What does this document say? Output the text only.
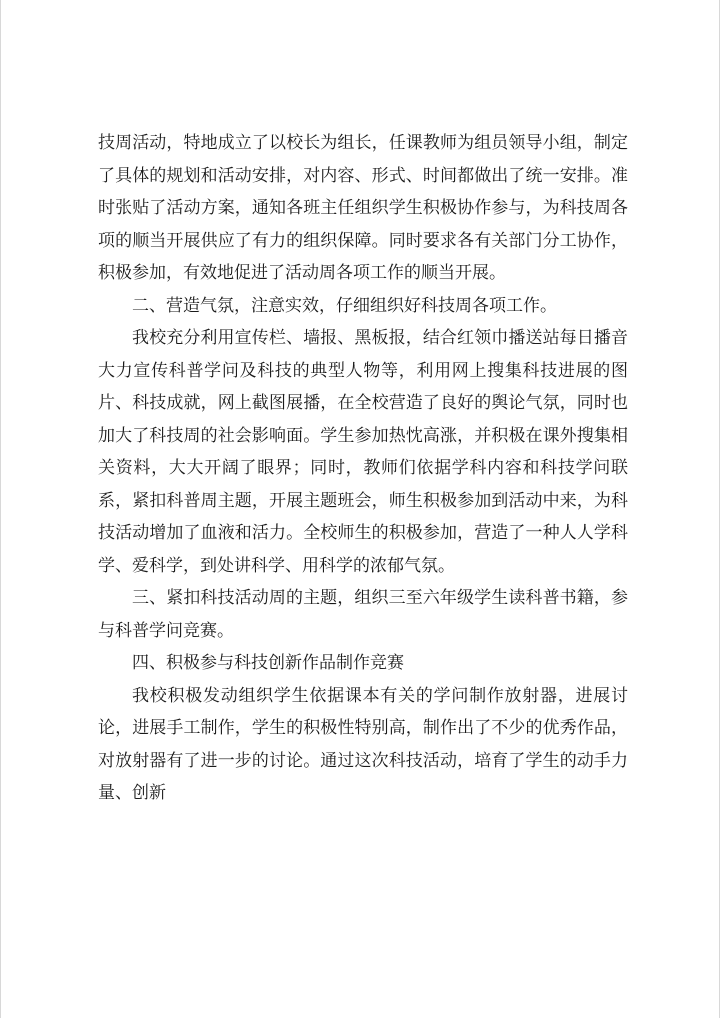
技周活动，特地成立了以校长为组长，任课教师为组员领导小组，制定了具体的规划和活动安排，对内容、形式、时间都做出了统一安排。准时张贴了活动方案，通知各班主任组织学生积极协作参与，为科技周各项的顺当开展供应了有力的组织保障。同时要求各有关部门分工协作，积极参加，有效地促进了活动周各项工作的顺当开展。

二、营造气氛，注意实效，仔细组织好科技周各项工作。

我校充分利用宣传栏、墙报、黑板报，结合红领巾播送站每日播音大力宣传科普学问及科技的典型人物等，利用网上搜集科技进展的图片、科技成就，网上截图展播，在全校营造了良好的舆论气氛，同时也加大了科技周的社会影响面。学生参加热忱高涨，并积极在课外搜集相关资料，大大开阔了眼界；同时，教师们依据学科内容和科技学问联系，紧扣科普周主题，开展主题班会，师生积极参加到活动中来，为科技活动增加了血液和活力。全校师生的积极参加，营造了一种人人学科学、爱科学，到处讲科学、用科学的浓郁气氛。

三、紧扣科技活动周的主题，组织三至六年级学生读科普书籍，参与科普学问竞赛。

四、积极参与科技创新作品制作竞赛

我校积极发动组织学生依据课本有关的学问制作放射器，进展讨论，进展手工制作，学生的积极性特别高，制作出了不少的优秀作品，对放射器有了进一步的讨论。通过这次科技活动，培育了学生的动手力量、创新
